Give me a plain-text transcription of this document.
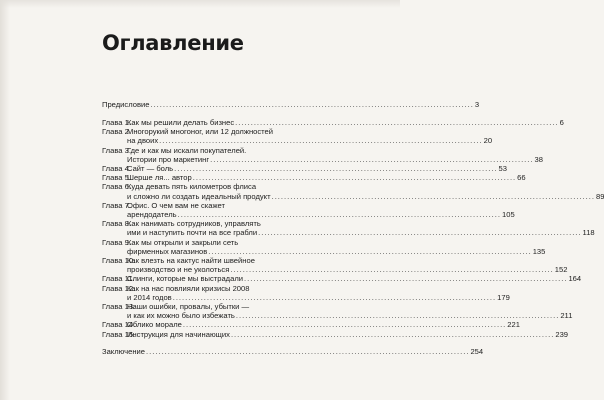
Оглавление
Предисловие .....	3
Глава 1.
Как мы решили делать бизнес .....	6
Глава 2.
Многорукий многоног, или 12 должностей
на двоих .....	20
Глава 3.
Где и как мы искали покупателей.
Истории про маркетинг .....	38
Глава 4.
Сайт — боль .....	53
Глава 5.
Шерше ля... автор .....	66
Глава 6.
Куда девать пять километров флиса
и сложно ли создать идеальный продукт .....	89
Глава 7.
Офис. О чем вам не скажет
арендодатель .....	105
Глава 8.
Как нанимать сотрудников, управлять
ими и наступить почти на все грабли .....	118
Глава 9.
Как мы открыли и закрыли сеть
фирменных магазинов .....	135
Глава 10.
Как влезть на кактус найти швейное
производство и не уколоться .....	152
Глава 11.
Слинги, которые мы выстрадали .....	164
Глава 12.
Как на нас повлияли кризисы 2008
и 2014 годов .....	179
Глава 13.
Наши ошибки, провалы, убытки —
и как их можно было избежать .....	211
Глава 14.
Облико морале .....	221
Глава 15.
Инструкция для начинающих .....	239
Заключение .....	254
